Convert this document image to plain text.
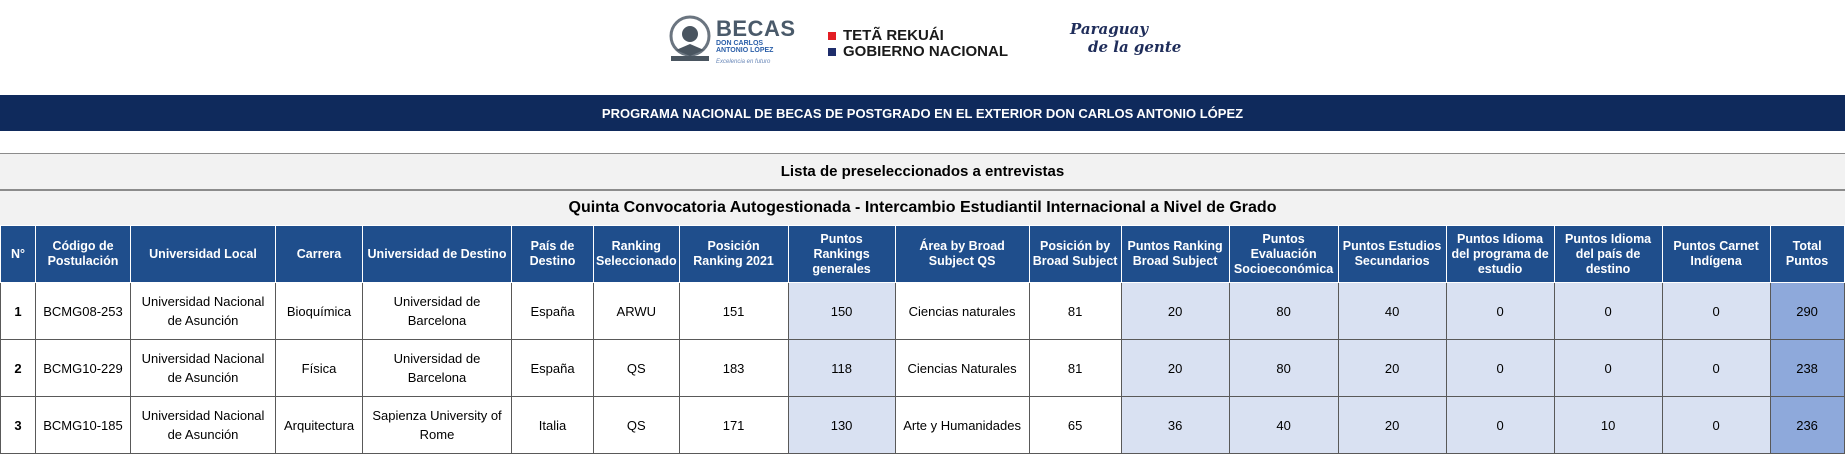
BECAS
DON CARLOS ANTONIO LÓPEZ
Excelencia en futuro
TETÃ REKUÁI
GOBIERNO NACIONAL
Paraguay
de la gente
PROGRAMA NACIONAL DE BECAS DE POSTGRADO EN EL EXTERIOR DON CARLOS ANTONIO LÓPEZ
Lista de preseleccionados a entrevistas
Quinta Convocatoria Autogestionada - Intercambio Estudiantil Internacional a Nivel de Grado
N°	Código de Postulación	Universidad Local	Carrera	Universidad de Destino	País de Destino	Ranking Seleccionado	Posición Ranking 2021	Puntos Rankings generales	Área by Broad Subject QS	Posición by Broad Subject	Puntos Ranking Broad Subject	Puntos Evaluación Socioeconómica	Puntos Estudios Secundarios	Puntos Idioma del programa de estudio	Puntos Idioma del país de destino	Puntos Carnet Indígena	Total Puntos
1	BCMG08-253	Universidad Nacional de Asunción	Bioquímica	Universidad de Barcelona	España	ARWU	151	150	Ciencias naturales	81	20	80	40	0	0	0	290
2	BCMG10-229	Universidad Nacional de Asunción	Física	Universidad de Barcelona	España	QS	183	118	Ciencias Naturales	81	20	80	20	0	0	0	238
3	BCMG10-185	Universidad Nacional de Asunción	Arquitectura	Sapienza University of Rome	Italia	QS	171	130	Arte y Humanidades	65	36	40	20	0	10	0	236
